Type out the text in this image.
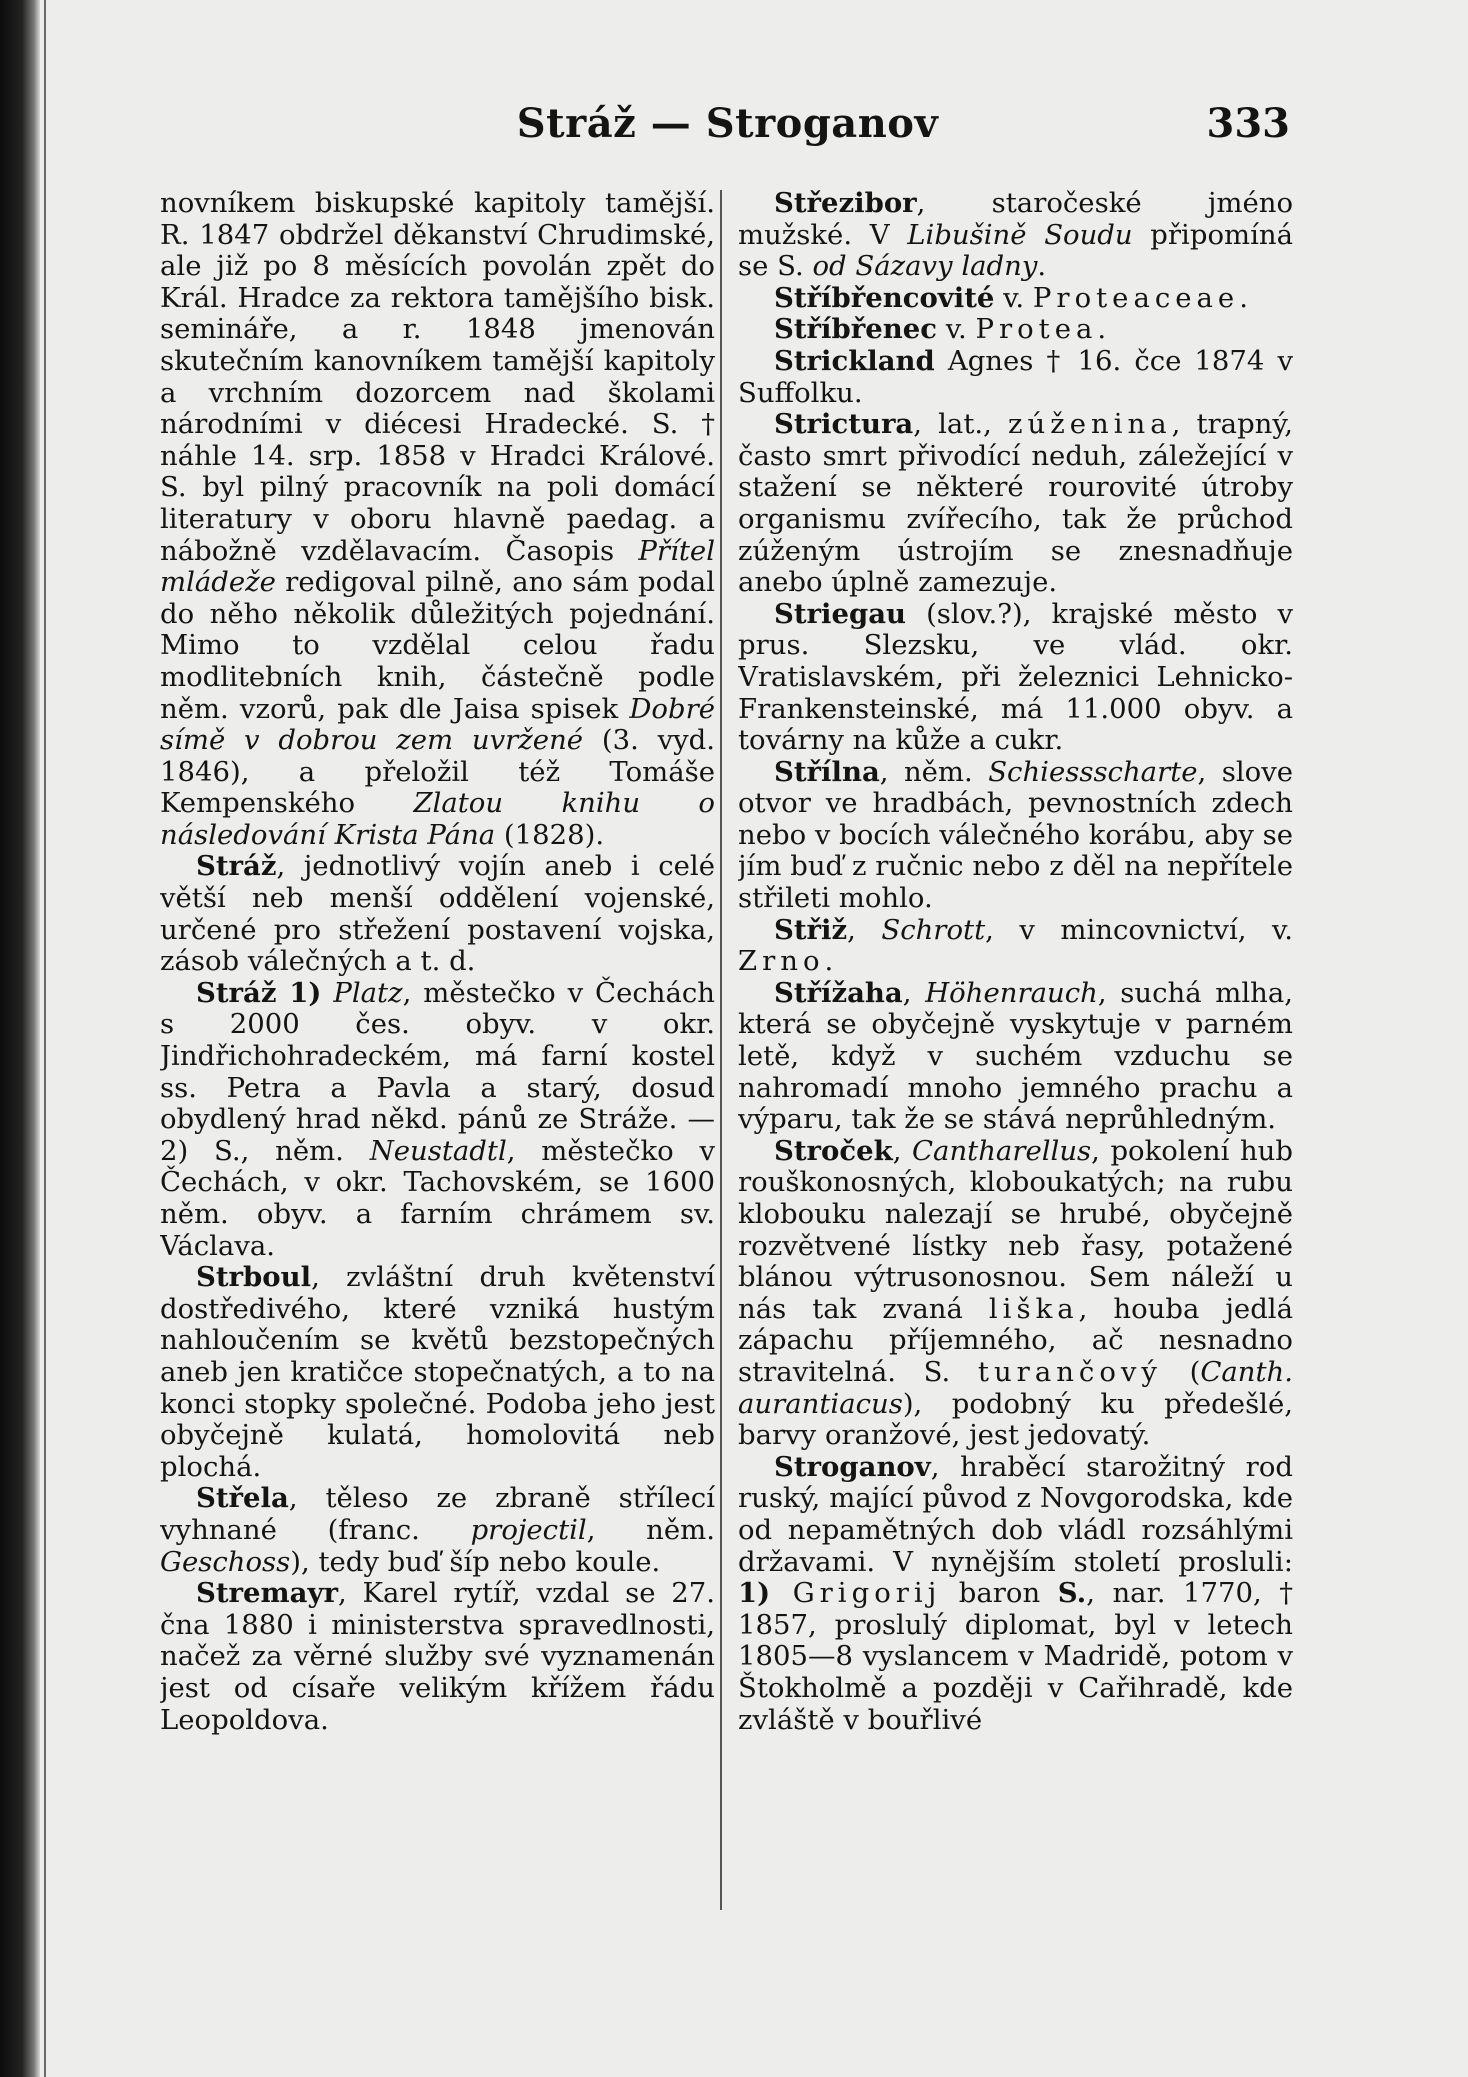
Stráž — Stroganov	333

novníkem biskupské kapitoly tamější. R. 1847 obdržel děkanství Chrudimské, ale již po 8 měsících povolán zpět do Král. Hradce za rektora tamějšího bisk. semináře, a r. 1848 jmenován skutečním kanovníkem tamější kapitoly a vrchním dozorcem nad školami národními v diécesi Hradecké. S. † náhle 14. srp. 1858 v Hradci Králové. S. byl pilný pracovník na poli domácí literatury v oboru hlavně paedag. a nábožně vzdělavacím. Časopis Přítel mládeže redigoval pilně, ano sám podal do něho několik důležitých pojednání. Mimo to vzdělal celou řadu modlitebních knih, částečně podle něm. vzorů, pak dle Jaisa spisek Dobré símě v dobrou zem uvržené (3. vyd. 1846), a přeložil též Tomáše Kempenského Zlatou knihu o následování Krista Pána (1828).

Stráž, jednotlivý vojín aneb i celé větší neb menší oddělení vojenské, určené pro střežení postavení vojska, zásob válečných a t. d.

Stráž 1) Platz, městečko v Čechách s 2000 čes. obyv. v okr. Jindřichohradeckém, má farní kostel ss. Petra a Pavla a starý, dosud obydlený hrad někd. pánů ze Stráže. — 2) S., něm. Neustadtl, městečko v Čechách, v okr. Tachovském, se 1600 něm. obyv. a farním chrámem sv. Václava.

Strboul, zvláštní druh květenství dostředivého, které vzniká hustým nahloučením se květů bezstopečných aneb jen kratičce stopečnatých, a to na konci stopky společné. Podoba jeho jest obyčejně kulatá, homolovitá neb plochá.

Střela, těleso ze zbraně střílecí vyhnané (franc. projectil, něm. Geschoss), tedy buď šíp nebo koule.

Stremayr, Karel rytíř, vzdal se 27. čna 1880 i ministerstva spravedlnosti, načež za věrné služby své vyznamenán jest od císaře velikým křížem řádu Leopoldova.

Střezibor, staročeské jméno mužské. V Libušině Soudu připomíná se S. od Sázavy ladny.

Stříbřencovité v. Proteaceae.

Stříbřenec v. Protea.

Strickland Agnes † 16. čce 1874 v Suffolku.

Strictura, lat., zúženina, trapný, často smrt přivodící neduh, záležející v stažení se některé rourovité útroby organismu zvířecího, tak že průchod zúženým ústrojím se znesnadňuje anebo úplně zamezuje.

Striegau (slov.?), krajské město v prus. Slezsku, ve vlád. okr. Vratislavském, při železnici Lehnicko-Frankensteinské, má 11.000 obyv. a továrny na kůže a cukr.

Střílna, něm. Schiessscharte, slove otvor ve hradbách, pevnostních zdech nebo v bocích válečného korábu, aby se jím buď z ručnic nebo z děl na nepřítele střileti mohlo.

Střiž, Schrott, v mincovnictví, v. Zrno.

Střížaha, Höhenrauch, suchá mlha, která se obyčejně vyskytuje v parném letě, když v suchém vzduchu se nahromadí mnoho jemného prachu a výparu, tak že se stává neprůhledným.

Stroček, Cantharellus, pokolení hub rouškonosných, kloboukatých; na rubu klobouku nalezají se hrubé, obyčejně rozvětvené lístky neb řasy, potažené blánou výtrusonosnou. Sem náleží u nás tak zvaná liška, houba jedlá zápachu příjemného, ač nesnadno stravitelná. S. turančový (Canth. aurantiacus), podobný ku předešlé, barvy oranžové, jest jedovatý.

Stroganov, hraběcí starožitný rod ruský, mající původ z Novgorodska, kde od nepamětných dob vládl rozsáhlými državami. V nynějším století prosluli: 1) Grigorij baron S., nar. 1770, † 1857, proslulý diplomat, byl v letech 1805—8 vyslancem v Madridě, potom v Štokholmě a později v Cařihradě, kde zvláště v bouřlivé
